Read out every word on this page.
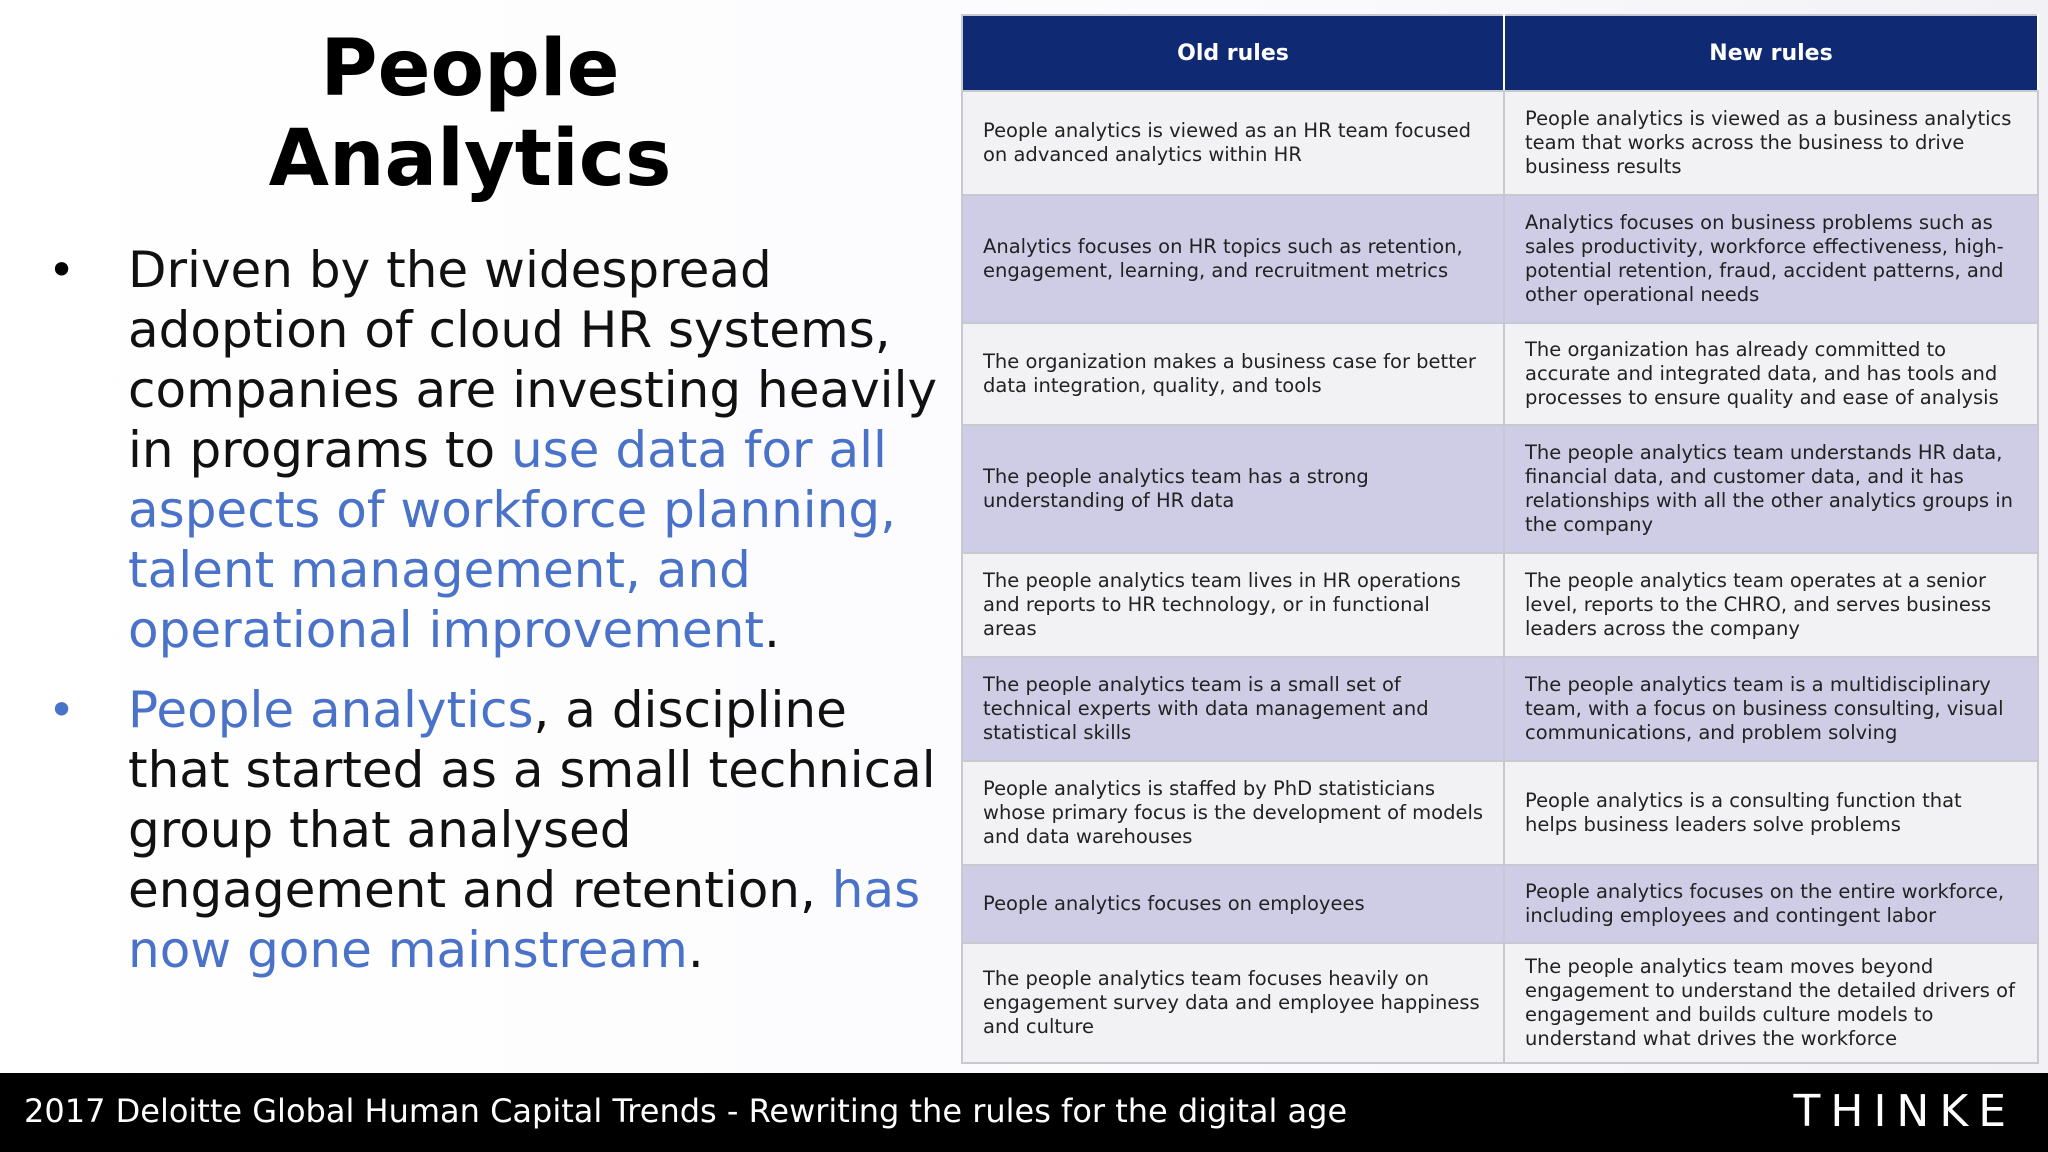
People Analytics
• Driven by the widespread adoption of cloud HR systems, companies are investing heavily in programs to use data for all aspects of workforce planning, talent management, and operational improvement.
• People analytics, a discipline that started as a small technical group that analysed engagement and retention, has now gone mainstream.
Old rules	New rules
People analytics is viewed as an HR team focused on advanced analytics within HR	People analytics is viewed as a business analytics team that works across the business to drive business results
Analytics focuses on HR topics such as retention, engagement, learning, and recruitment metrics	Analytics focuses on business problems such as sales productivity, workforce effectiveness, high-potential retention, fraud, accident patterns, and other operational needs
The organization makes a business case for better data integration, quality, and tools	The organization has already committed to accurate and integrated data, and has tools and processes to ensure quality and ease of analysis
The people analytics team has a strong understanding of HR data	The people analytics team understands HR data, financial data, and customer data, and it has relationships with all the other analytics groups in the company
The people analytics team lives in HR operations and reports to HR technology, or in functional areas	The people analytics team operates at a senior level, reports to the CHRO, and serves business leaders across the company
The people analytics team is a small set of technical experts with data management and statistical skills	The people analytics team is a multidisciplinary team, with a focus on business consulting, visual communications, and problem solving
People analytics is staffed by PhD statisticians whose primary focus is the development of models and data warehouses	People analytics is a consulting function that helps business leaders solve problems
People analytics focuses on employees	People analytics focuses on the entire workforce, including employees and contingent labor
The people analytics team focuses heavily on engagement survey data and employee happiness and culture	The people analytics team moves beyond engagement to understand the detailed drivers of engagement and builds culture models to understand what drives the workforce
2017 Deloitte Global Human Capital Trends - Rewriting the rules for the digital age	THINKE
